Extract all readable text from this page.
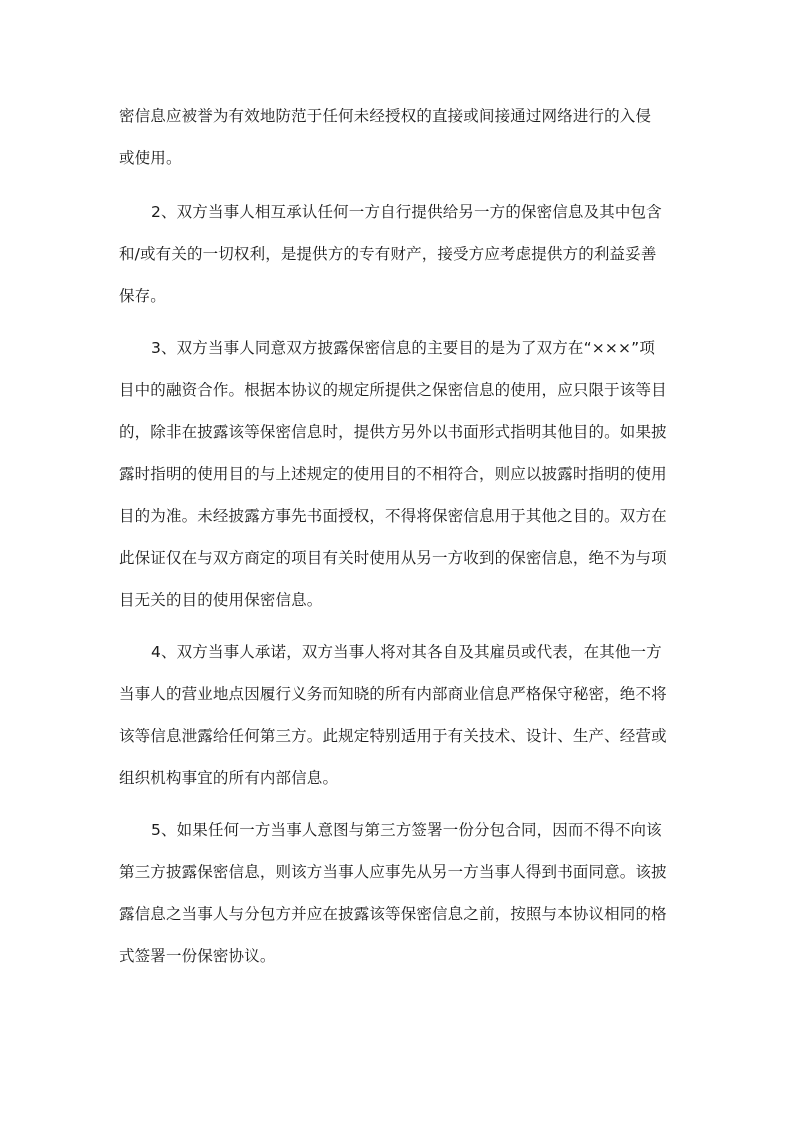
密信息应被誉为有效地防范于任何未经授权的直接或间接通过网络进行的入侵
或使用。
2、双方当事人相互承认任何一方自行提供给另一方的保密信息及其中包含
和/或有关的一切权利，是提供方的专有财产，接受方应考虑提供方的利益妥善
保存。
3、双方当事人同意双方披露保密信息的主要目的是为了双方在“×××”项
目中的融资合作。根据本协议的规定所提供之保密信息的使用，应只限于该等目
的，除非在披露该等保密信息时，提供方另外以书面形式指明其他目的。如果披
露时指明的使用目的与上述规定的使用目的不相符合，则应以披露时指明的使用
目的为准。未经披露方事先书面授权，不得将保密信息用于其他之目的。双方在
此保证仅在与双方商定的项目有关时使用从另一方收到的保密信息，绝不为与项
目无关的目的使用保密信息。
4、双方当事人承诺，双方当事人将对其各自及其雇员或代表，在其他一方
当事人的营业地点因履行义务而知晓的所有内部商业信息严格保守秘密，绝不将
该等信息泄露给任何第三方。此规定特别适用于有关技术、设计、生产、经营或
组织机构事宜的所有内部信息。
5、如果任何一方当事人意图与第三方签署一份分包合同，因而不得不向该
第三方披露保密信息，则该方当事人应事先从另一方当事人得到书面同意。该披
露信息之当事人与分包方并应在披露该等保密信息之前，按照与本协议相同的格
式签署一份保密协议。
